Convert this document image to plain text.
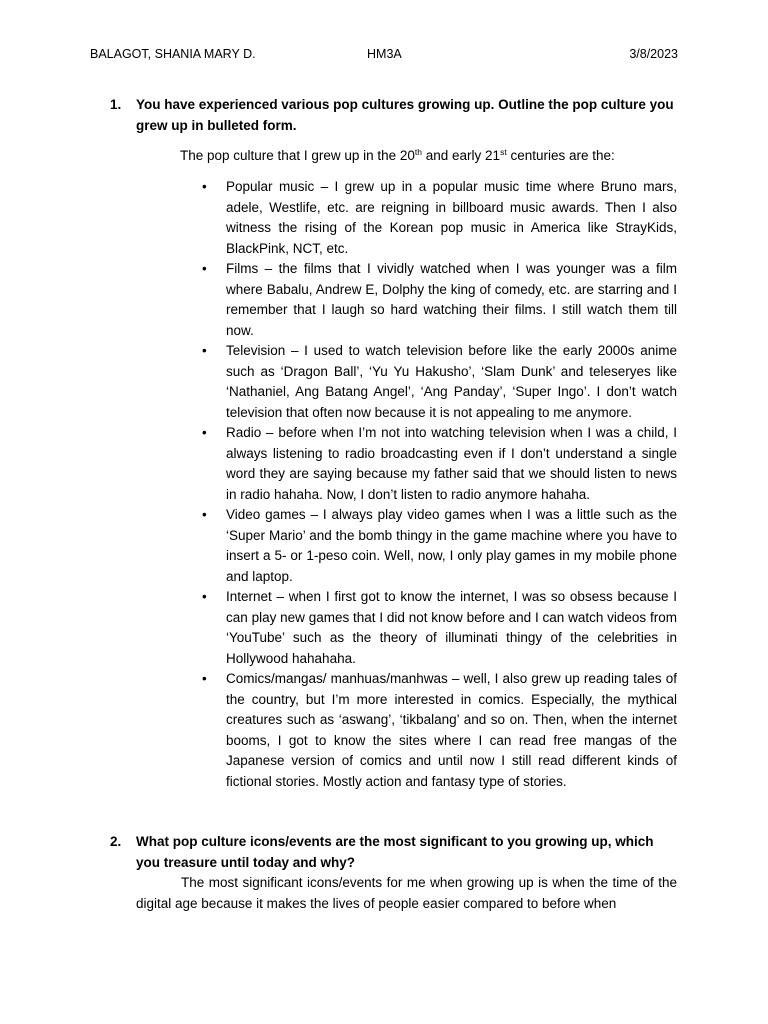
BALAGOT, SHANIA MARY D.	HM3A	3/8/2023
1. You have experienced various pop cultures growing up. Outline the pop culture you grew up in bulleted form.
The pop culture that I grew up in the 20th and early 21st centuries are the:
• Popular music – I grew up in a popular music time where Bruno mars, adele, Westlife, etc. are reigning in billboard music awards. Then I also witness the rising of the Korean pop music in America like StrayKids, BlackPink, NCT, etc.
• Films – the films that I vividly watched when I was younger was a film where Babalu, Andrew E, Dolphy the king of comedy, etc. are starring and I remember that I laugh so hard watching their films. I still watch them till now.
• Television – I used to watch television before like the early 2000s anime such as ‘Dragon Ball’, ‘Yu Yu Hakusho’, ‘Slam Dunk’ and teleseryes like ‘Nathaniel, Ang Batang Angel’, ‘Ang Panday’, ‘Super Ingo’. I don’t watch television that often now because it is not appealing to me anymore.
• Radio – before when I’m not into watching television when I was a child, I always listening to radio broadcasting even if I don’t understand a single word they are saying because my father said that we should listen to news in radio hahaha. Now, I don’t listen to radio anymore hahaha.
• Video games – I always play video games when I was a little such as the ‘Super Mario’ and the bomb thingy in the game machine where you have to insert a 5- or 1-peso coin. Well, now, I only play games in my mobile phone and laptop.
• Internet – when I first got to know the internet, I was so obsess because I can play new games that I did not know before and I can watch videos from ‘YouTube’ such as the theory of illuminati thingy of the celebrities in Hollywood hahahaha.
• Comics/mangas/ manhuas/manhwas – well, I also grew up reading tales of the country, but I’m more interested in comics. Especially, the mythical creatures such as ‘aswang’, ‘tikbalang’ and so on. Then, when the internet booms, I got to know the sites where I can read free mangas of the Japanese version of comics and until now I still read different kinds of fictional stories. Mostly action and fantasy type of stories.
2. What pop culture icons/events are the most significant to you growing up, which you treasure until today and why?
The most significant icons/events for me when growing up is when the time of the digital age because it makes the lives of people easier compared to before when
